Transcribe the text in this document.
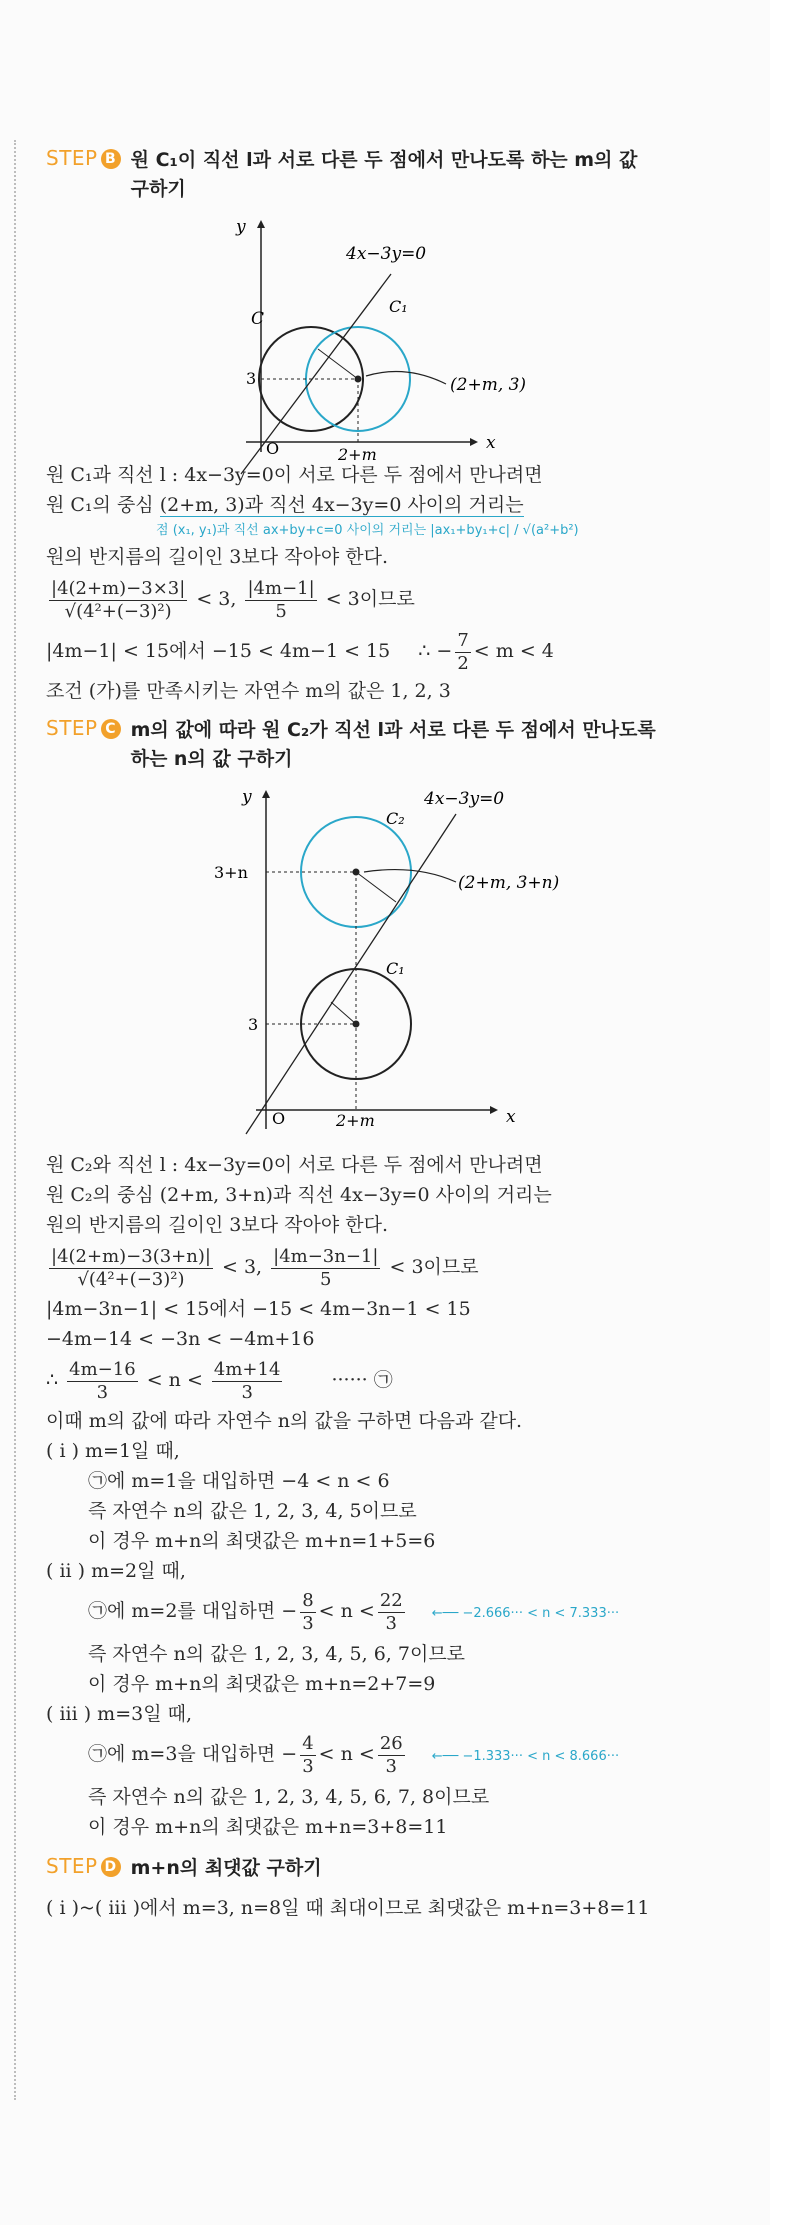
STEP B 원 C₁이 직선 l과 서로 다른 두 점에서 만나도록 하는 m의 값
구하기
y
x
O
4x−3y=0
C
C₁
3
2+m
(2+m, 3)
원 C₁과 직선 l : 4x−3y=0이 서로 다른 두 점에서 만나려면
원 C₁의 중심 (2+m, 3)과 직선 4x−3y=0 사이의 거리는
점 (x₁, y₁)과 직선 ax+by+c=0 사이의 거리는 |ax₁+by₁+c| / √(a²+b²)
원의 반지름의 길이인 3보다 작아야 한다.
$\frac{|4(2+m)-3\times 3|}{\text{√(4²+(−3)²)}} < 3$, $\frac{|4m-1|}{5} < 3$이므로
|4m−1| < 15에서 −15 < 4m−1 < 15 ∴ − $\frac{7}{2} < m < 4$
조건 (가)를 만족시키는 자연수 m의 값은 1, 2, 3
STEP C m의 값에 따라 원 C₂가 직선 l과 서로 다른 두 점에서 만나도록
하는 n의 값 구하기
y
x
O
4x−3y=0
C₂
C₁
3+n
3
2+m
(2+m, 3+n)
원 C₂와 직선 l : 4x−3y=0이 서로 다른 두 점에서 만나려면
원 C₂의 중심 (2+m, 3+n)과 직선 4x−3y=0 사이의 거리는
원의 반지름의 길이인 3보다 작아야 한다.
$\frac{|4(2+m)-3(3+n)|}{\text{√(4²+(−3)²)}} < 3$, $\frac{|4m-3n-1|}{5} < 3$이므로
|4m−3n−1| < 15에서 −15 < 4m−3n−1 < 15
−4m−14 < −3n < −4m+16
∴ $\frac{4m-16}{3} < n < \frac{4m+14}{3}$	······ ㉠
이때 m의 값에 따라 자연수 n의 값을 구하면 다음과 같다.
( i ) m=1일 때,
㉠에 m=1을 대입하면 −4 < n < 6
즉 자연수 n의 값은 1, 2, 3, 4, 5이므로
이 경우 m+n의 최댓값은 m+n=1+5=6
( ii ) m=2일 때,
㉠에 m=2를 대입하면 − $\frac{8}{3} < n < \frac{22}{3}$ ←── −2.666··· < n < 7.333···
즉 자연수 n의 값은 1, 2, 3, 4, 5, 6, 7이므로
이 경우 m+n의 최댓값은 m+n=2+7=9
( iii ) m=3일 때,
㉠에 m=3을 대입하면 − $\frac{4}{3} < n < \frac{26}{3}$ ←── −1.333··· < n < 8.666···
즉 자연수 n의 값은 1, 2, 3, 4, 5, 6, 7, 8이므로
이 경우 m+n의 최댓값은 m+n=3+8=11
STEP D m+n의 최댓값 구하기
( i )~( iii )에서 m=3, n=8일 때 최대이므로 최댓값은 m+n=3+8=11
